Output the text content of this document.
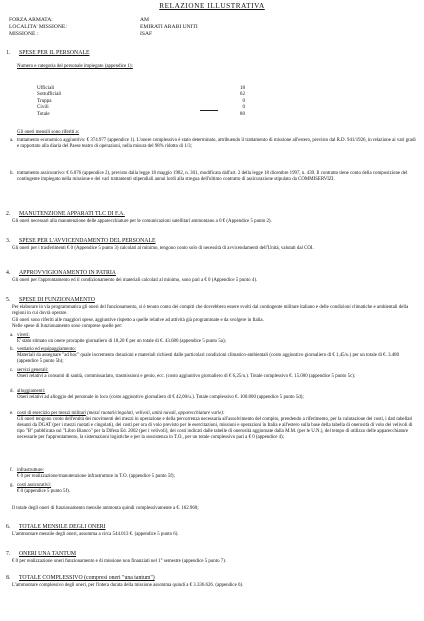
RELAZIONE ILLUSTRATIVA
FORZA ARMATA:	AM
LOCALITA' MISSIONE:	EMIRATI ARABI UNITI
MISSIONE :	ISAF
1. SPESE PER IL PERSONALE
Numero e categoria del personale impiegato (appendice 1):
Ufficiali	18
Sottufficiali	62
Truppa	0
Civili	0
Totale	80
Gli oneri mensili sono riferiti a:
a. trattamento economico aggiuntivo: € 374.977 (appendice 1). L'onere complessivo è stato determinato, attribuendo il trattamento di missione all'estero, previsto dal R.D. 941/1926, in relazione ai vari gradi e rapportato alla diaria del Paese teatro di operazioni, nella misura del 98% ridotto di 1/3;
b. trattamento assicurativo: € 6.076 (appendice 2), previsto dalla legge 18 maggio 1982, n. 301, modificata dall'art. 2 della legge 18 dicembre 1997, n. 439. Il contratto tiene conto della composizione del contingente impiegato nella missione e dei vari trattamenti stipendiali annui lordi alla stregua dell'ultimo contratto di assicurazione stipulato da COMMISERVIZI.
2. MANUTENZIONE APPARATI TLC DI F.A.
Gli oneri necessari alla manutenzione delle apparecchiature per le comunicazioni satellitari ammontano a 0 € (Appendice 5 punto 2).
3. SPESE PER L'AVVICENDAMENTO DEL PERSONALE
Gli oneri per i trasferimenti € 0 (Appendice 5 punto 3) calcolati al minimo, tengono conto solo di necessità di avvicendamenti dell'Unità, valutati dal COI.
4. APPROVVIGIONAMENTO IN PATRIA
Gli oneri per l'approntamento ed il condizionamento dei materiali calcolati al minimo, sono pari a € 0 (Appendice 5 punto 4).
5. SPESE DI FUNZIONAMENTO
Per elaborare in via programmatica gli oneri del funzionamento, si è tenuto conto dei compiti che dovrebbero essere svolti dal contingente militare italiano e delle condizioni climatiche e ambientali della regioni in cui dovrà operare.
Gli oneri sono riferiti alle maggiori spese, aggiuntive rispetto a quelle relative ad attività già programmate e da svolgere in Italia.
Nelle spese di funzionamento sono comprese quelle per:
a. viveri:
E' stato stimato un onere procapite giornaliero di 18,20 € per un totale di €. 43.680 (appendice 5 punto 5a);
b. vestiario ed equipaggiamento:
Materiali da assegnare "ad hoc" quale incremento dotazioni e materiali richiesti dalle particolari condizioni climatico-ambientali (costo aggiuntivo giornaliero di € 1,45/u.) per un totale di €. 3.480 (appendice 5 punto 5b);
c. servizi generali:
Oneri relativi a consumi di sanità, commissariato, trasmissioni e genio, ecc. (costo aggiuntivo giornaliero di € 6,25/u.). Totale complessivo €. 15.000 (appendice 5 punto 5c);
d. alloggiamenti:
Oneri relativi ad alloggio del personale in loco (costo aggiuntivo giornaliero di € 42,00/u.). Totale complessivo €. 100.800 (appendice 5 punto 5d);
e. costi di esercizio per mezzi militari (mezzi ruotati/cingolati, velivoli, unità navali, apparecchiature varie):
Gli oneri tengono conto dell'entità dei movimenti dei mezzi in operazione e della percorrenza necessaria all'assolvimento del compito, prendendo a riferimento, per la valutazione dei costi, i dati tabellari desunti da DGAT (per i mezzi ruotati e cingolati), dei costi per ora di volo previsto per le esercitazioni, missioni e operazioni in Italia e all'estero sulla base della tabella di onerosità di volo dei velivoli di tipo "B" pubblicata sul "Libro Bianco" per la Difesa Ed. 2002 (per i velivoli), dei costi indicati dalle tabelle di onerosità aggiornate dalla M.M. (per le U.N.), del tempo di utilizzo delle apparecchiature necessarie per l'approntamento, la sistemazioni logistiche e per la sussistenza in T.O., per un totale complessivo pari a € 0 (appendice 4);
f. infrastrutture:
€ 0 per realizzazione/manutenzione infrastrutture in T.O. (appendice 5 punto 5f);
g. costi assicurativi:
€ 0 (appendice 5 punto 5f).
Il totale degli oneri di funzionamento mensile ammonta quindi complessivamente a €. 162.960;
6. TOTALE MENSILE DEGLI ONERI
L'ammontare mensile degli oneri, assomma a circa 544.013 €. (appendice 5 punto 6).
7. ONERI UNA TANTUM
€ 0 per realizzazione oneri funzionamento e di missione non finanziati nel 1° semestre (appendice 5 punto 7).
8. TOTALE COMPLESSIVO (compresi oneri "una tantum")
L'ammontare complessivo degli oneri, per l'intera durata della missione assomma quindi a € 3.336.626. (appendice 6).
